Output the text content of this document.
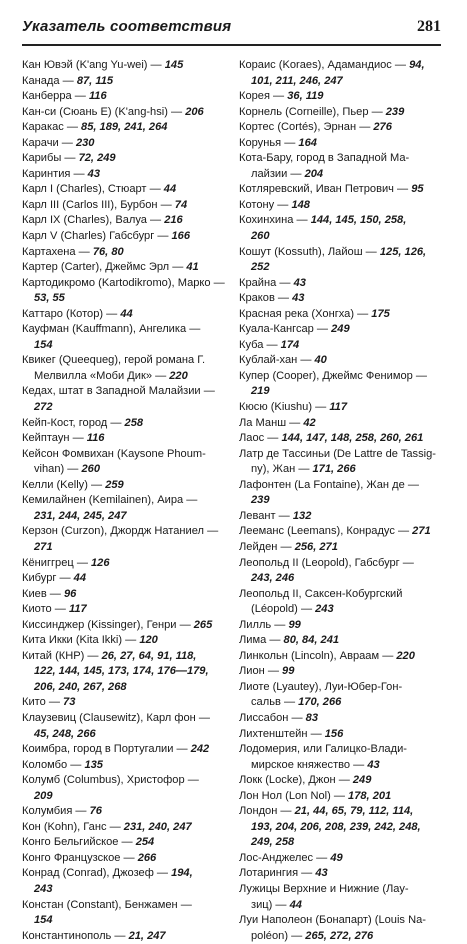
Указатель соответствия	281
Кан Ювэй (K'ang Yu-wei) — 145
Канада — 87, 115
Канберра — 116
Кан-си (Сюань Е) (K'ang-hsi) — 206
Каракас — 85, 189, 241, 264
Карачи — 230
Карибы — 72, 249
Каринтия — 43
Карл I (Charles), Стюарт — 44
Карл III (Carlos III), Бурбон — 74
Карл IX (Charles), Валуа — 216
Карл V (Charles) Габсбург — 166
Картахена — 76, 80
Картер (Carter), Джеймс Эрл — 41
Картодикромо (Kartodikromo), Марко —
53, 55
Каттаро (Котор) — 44
Кауфман (Kauffmann), Ангелика —
154
Квикег (Queequeg), герой романа Г.
Мелвилла «Моби Дик» — 220
Кедах, штат в Западной Малайзии —
272
Кейп-Кост, город — 258
Кейптаун — 116
Кейсон Фомвихан (Kaysone Phoum-
vihan) — 260
Келли (Kelly) — 259
Кемилайнен (Kemilainen), Аира —
231, 244, 245, 247
Керзон (Curzon), Джордж Натаниел —
271
Кёниггрец — 126
Кибург — 44
Киев — 96
Киото — 117
Киссинджер (Kissinger), Генри — 265
Кита Икки (Kita Ikki) — 120
Китай (КНР) — 26, 27, 64, 91, 118,
122, 144, 145, 173, 174, 176—179,
206, 240, 267, 268
Кито — 73
Клаузевиц (Clausewitz), Карл фон —
45, 248, 266
Коимбра, город в Португалии — 242
Коломбо — 135
Колумб (Columbus), Христофор —
209
Колумбия — 76
Кон (Kohn), Ганс — 231, 240, 247
Конго Бельгийское — 254
Конго Французское — 266
Конрад (Conrad), Джозеф — 194,
243
Констан (Constant), Бенжамен —
154
Константинополь — 21, 247
Кораис (Koraes), Адамандиос — 94,
101, 211, 246, 247
Корея — 36, 119
Корнель (Corneille), Пьер — 239
Кортес (Cortés), Эрнан — 276
Корунья — 164
Кота-Бару, город в Западной Ма-
лайзии — 204
Котляревский, Иван Петрович — 95
Котону — 148
Кохинхина — 144, 145, 150, 258,
260
Кошут (Kossuth), Лайош — 125, 126,
252
Крайна — 43
Краков — 43
Красная река (Хонгха) — 175
Куала-Кангсар — 249
Куба — 174
Кублай-хан — 40
Купер (Cooper), Джеймс Фенимор —
219
Кюсю (Kiushu) — 117
Ла Манш — 42
Лаос — 144, 147, 148, 258, 260, 261
Латр де Тассиньи (De Lattre de Tassig-
ny), Жан — 171, 266
Лафонтен (La Fontaine), Жан де —
239
Левант — 132
Лееманс (Leemans), Конрадус — 271
Лейден — 256, 271
Леопольд II (Leopold), Габсбург —
243, 246
Леопольд II, Саксен-Кобургский
(Léopold) — 243
Лилль — 99
Лима — 80, 84, 241
Линкольн (Lincoln), Авраам — 220
Лион — 99
Лиоте (Lyautey), Луи-Юбер-Гон-
сальв — 170, 266
Лиссабон — 83
Лихтенштейн — 156
Лодомерия, или Галицко-Влади-
мирское княжество — 43
Локк (Locke), Джон — 249
Лон Нол (Lon Nol) — 178, 201
Лондон — 21, 44, 65, 79, 112, 114,
193, 204, 206, 208, 239, 242, 248,
249, 258
Лос-Анджелес — 49
Лотарингия — 43
Лужицы Верхние и Нижние (Лау-
зиц) — 44
Луи Наполеон (Бонапарт) (Louis Na-
poléon) — 265, 272, 276
